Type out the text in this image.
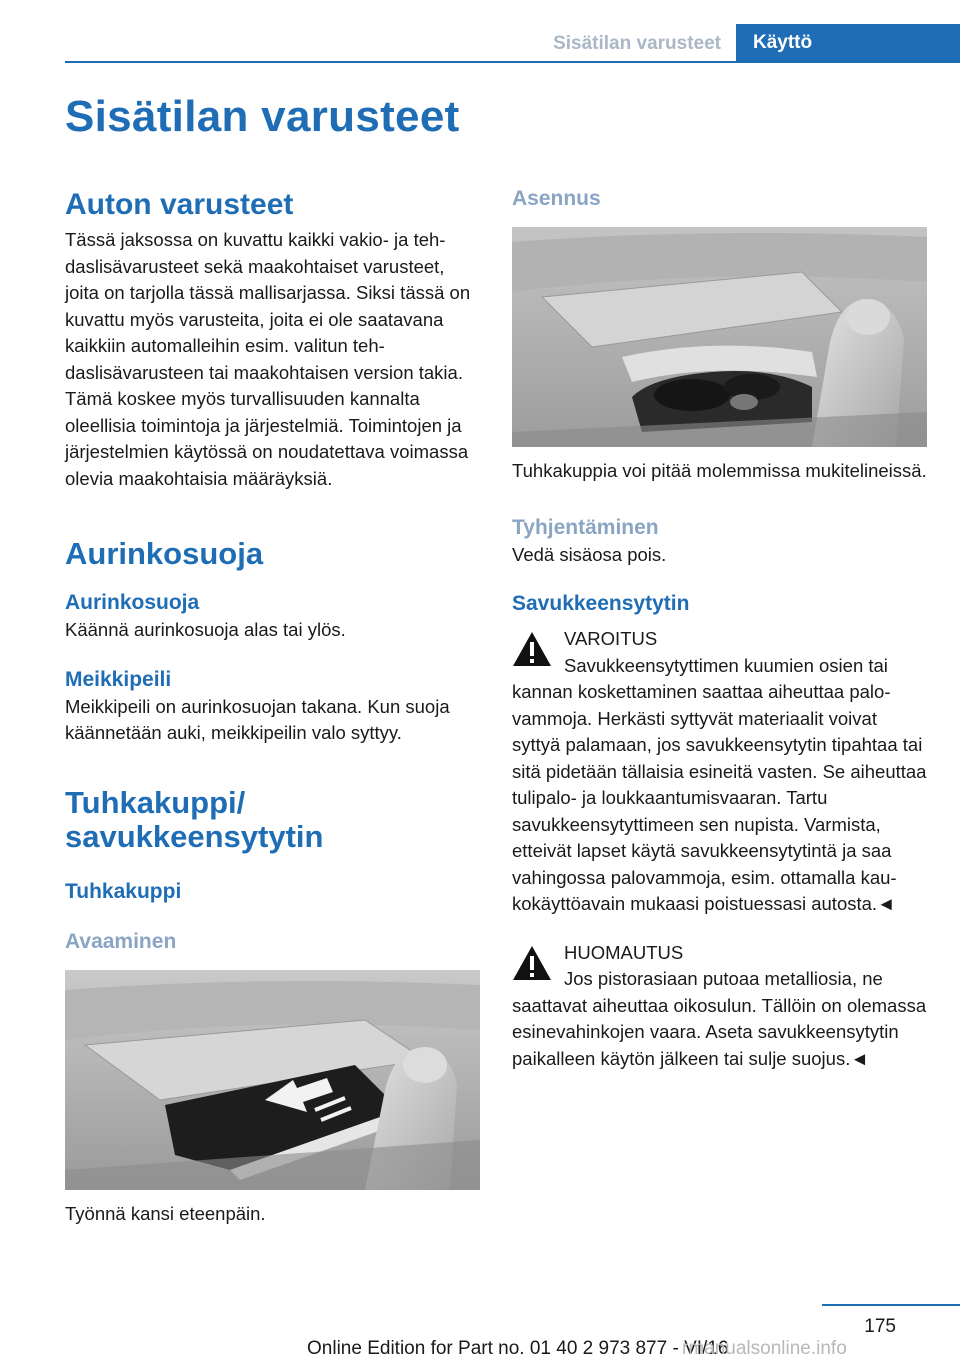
Sisätilan varusteet	Käyttö
Sisätilan varusteet
Auton varusteet

Tässä jaksossa on kuvattu kaikki vakio- ja tehdaslisävarusteet sekä maakohtaiset varusteet, joita on tarjolla tässä mallisarjassa. Siksi tässä on kuvattu myös varusteita, joita ei ole saatavana kaikkiin automalleihin esim. valitun tehdaslisävarusteen tai maakohtaisen version takia. Tämä koskee myös turvallisuuden kannalta oleellisia toimintoja ja järjestelmiä. Toimintojen ja järjestelmien käytössä on noudatettava voimassa olevia maakohtaisia määräyksiä.

Aurinkosuoja
Aurinkosuoja

Käännä aurinkosuoja alas tai ylös.

Meikkipeili

Meikkipeili on aurinkosuojan takana. Kun suoja käännetään auki, meikkipeilin valo syttyy.

Tuhkakuppi/ savukkeensytytin
Tuhkakuppi
Avaaminen

Työnnä kansi eteenpäin.

Asennus

Tuhkakuppia voi pitää molemmissa mukitelineissä.

Tyhjentäminen

Vedä sisäosa pois.

Savukkeensytytin
VAROITUS
Savukkeensytyttimen kuumien osien tai
kannan koskettaminen saattaa aiheuttaa palovammoja. Herkästi syttyvät materiaalit voivat syttyä palamaan, jos savukkeensytytin tipahtaa tai sitä pidetään tällaisia esineitä vasten. Se aiheuttaa tulipalo- ja loukkaantumisvaaran. Tartu savukkeensytyttimeen sen nupista. Varmista, etteivät lapset käytä savukkeensytytintä ja saa vahingossa palovammoja, esim. ottamalla kaukokäyttöavain mukaasi poistuessasi autosta.◄
HUOMAUTUS
Jos pistorasiaan putoaa metalliosia, ne
saattavat aiheuttaa oikosulun. Tällöin on olemassa esinevahinkojen vaara. Aseta savukkeensytytin paikalleen käytön jälkeen tai sulje suojus.◄
175
Online Edition for Part no. 01 40 2 973 877 - VI/16
rmanualsonline.info
